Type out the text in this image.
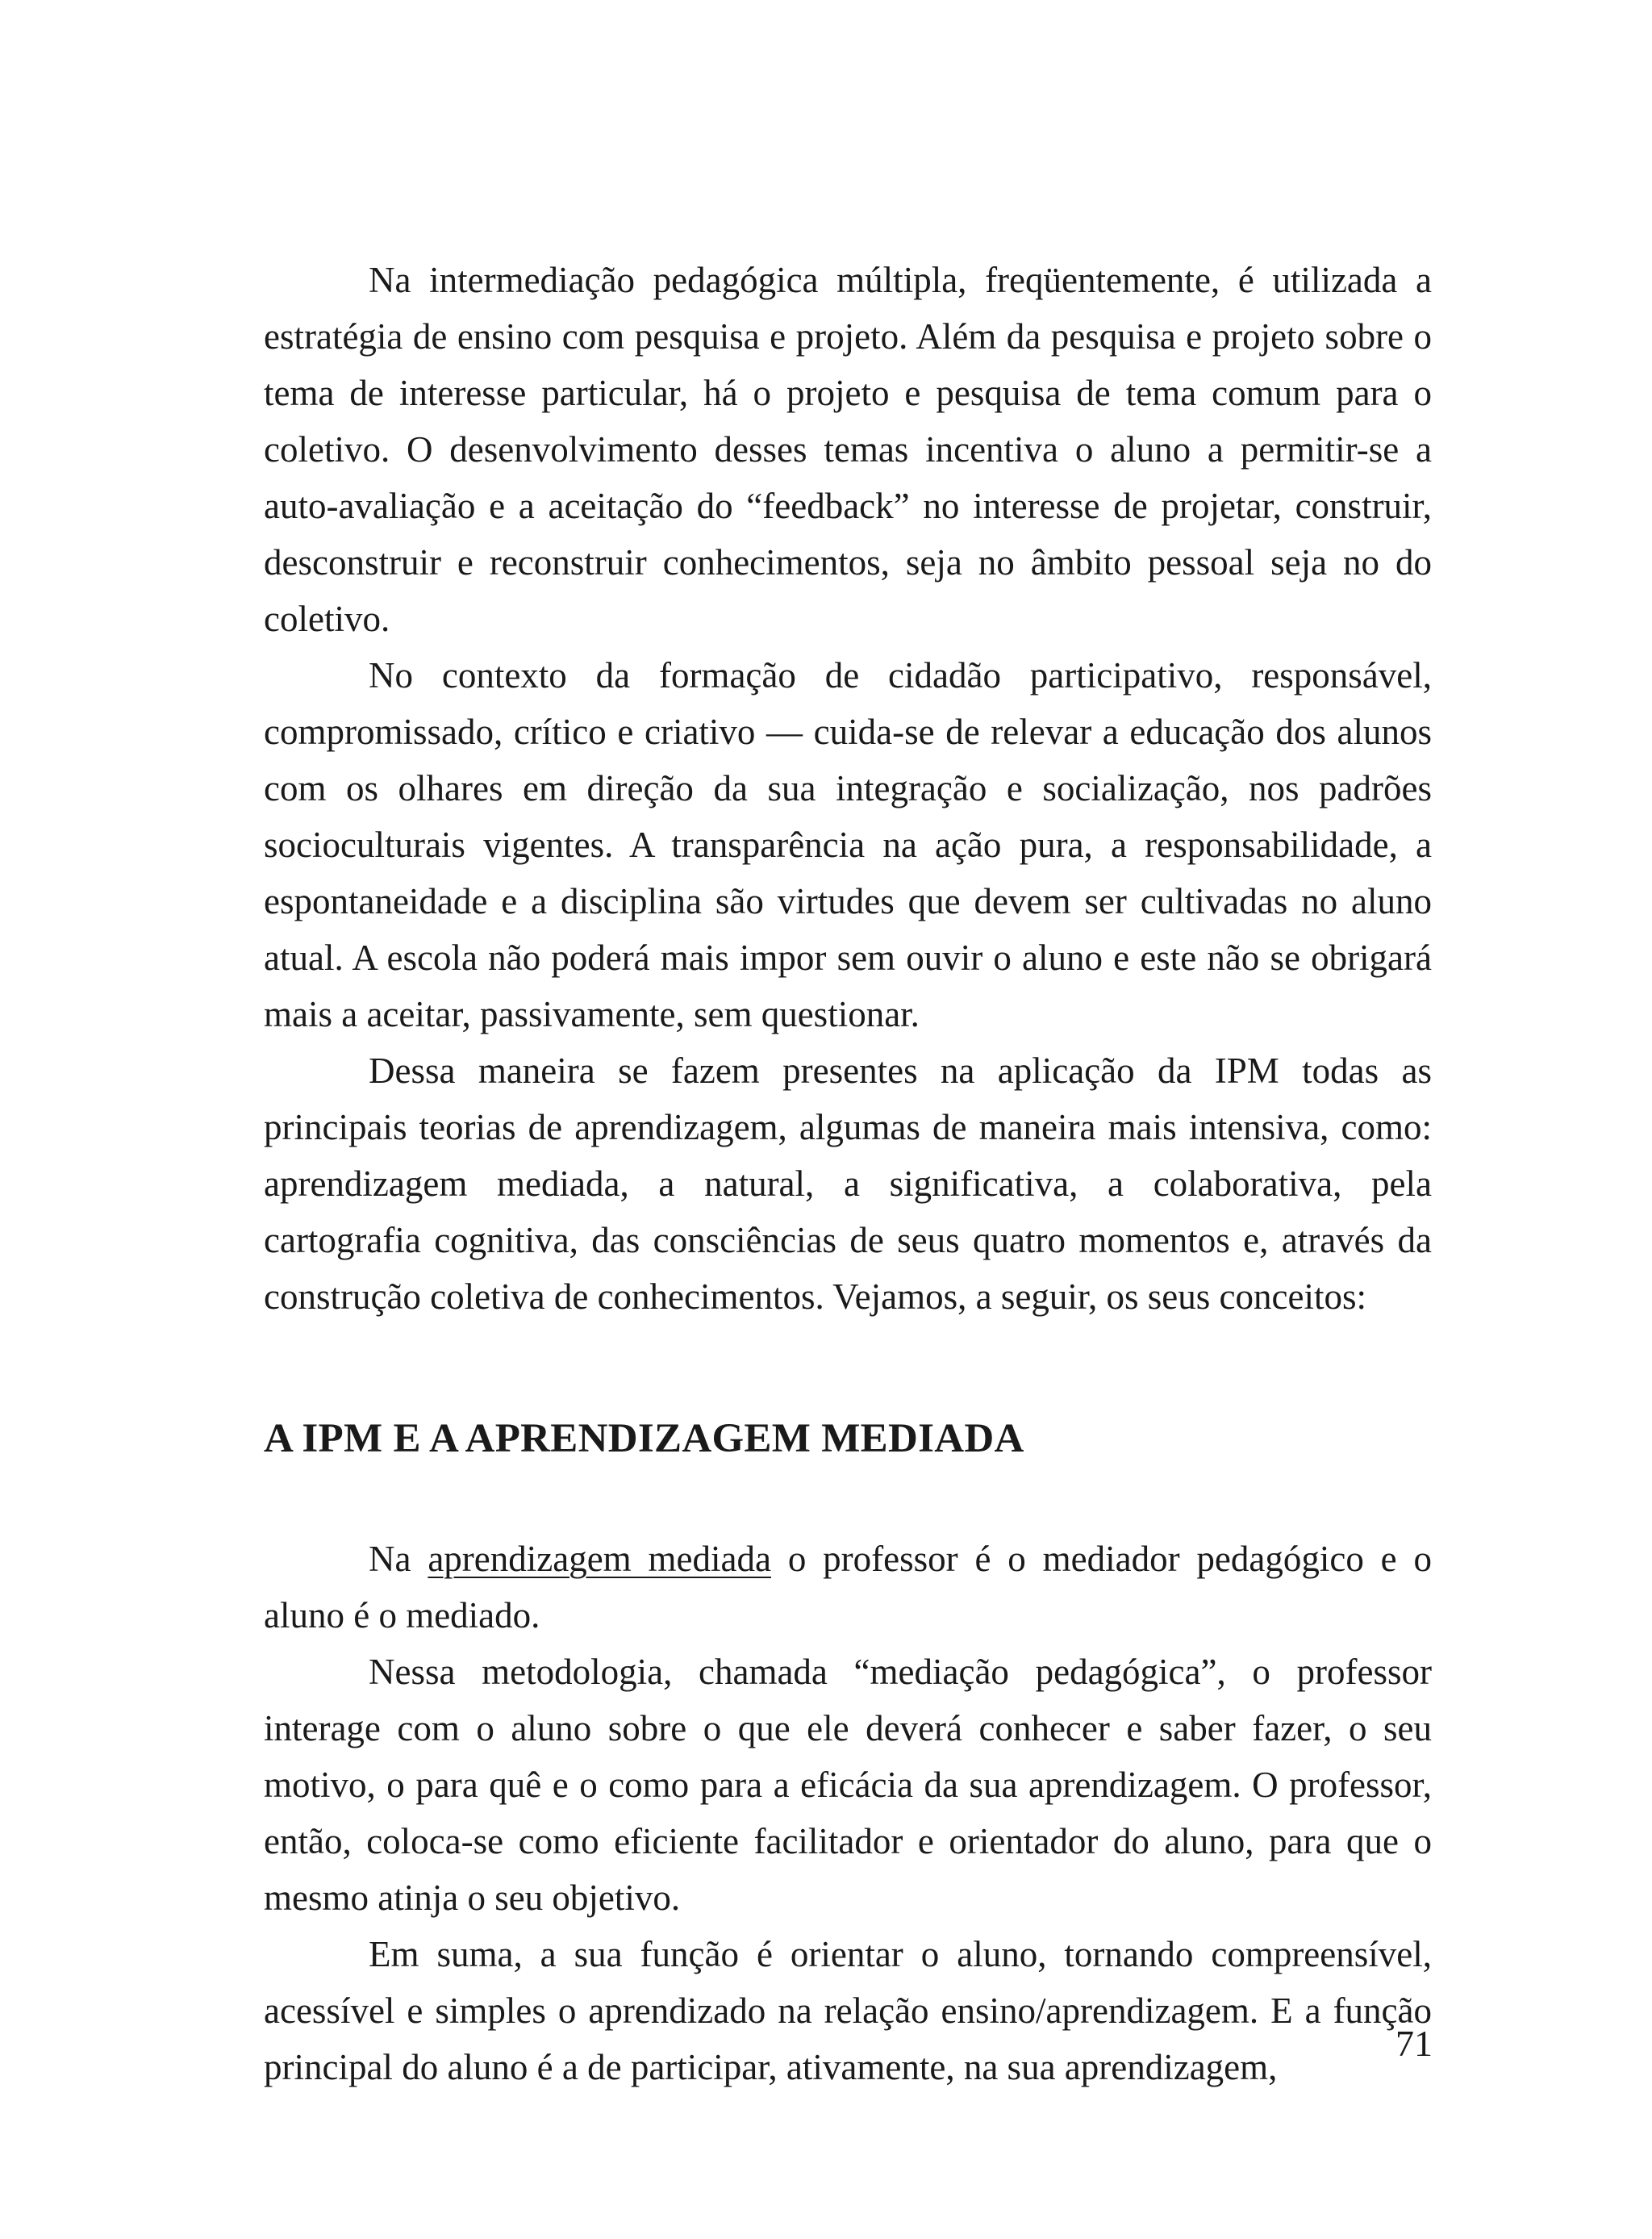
Na intermediação pedagógica múltipla, freqüentemente, é utilizada a estratégia de ensino com pesquisa e projeto. Além da pesquisa e projeto sobre o tema de interesse particular, há o projeto e pesquisa de tema comum para o coletivo. O desenvolvimento desses temas incentiva o aluno a permitir-se a auto-avaliação e a aceitação do “feedback” no interesse de projetar, construir, desconstruir e reconstruir conhecimentos, seja no âmbito pessoal seja no do coletivo.

No contexto da formação de cidadão participativo, responsável, compromissado, crítico e criativo — cuida-se de relevar a educação dos alunos com os olhares em direção da sua integração e socialização, nos padrões socioculturais vigentes. A transparência na ação pura, a responsabilidade, a espontaneidade e a disciplina são virtudes que devem ser cultivadas no aluno atual. A escola não poderá mais impor sem ouvir o aluno e este não se obrigará mais a aceitar, passivamente, sem questionar.

Dessa maneira se fazem presentes na aplicação da IPM todas as principais teorias de aprendizagem, algumas de maneira mais intensiva, como: aprendizagem mediada, a natural, a significativa, a colaborativa, pela cartografia cognitiva, das consciências de seus quatro momentos e, através da construção coletiva de conhecimentos. Vejamos, a seguir, os seus conceitos:

A IPM E A APRENDIZAGEM MEDIADA

Na aprendizagem mediada o professor é o mediador pedagógico e o aluno é o mediado.

Nessa metodologia, chamada “mediação pedagógica”, o professor interage com o aluno sobre o que ele deverá conhecer e saber fazer, o seu motivo, o para quê e o como para a eficácia da sua aprendizagem. O professor, então, coloca-se como eficiente facilitador e orientador do aluno, para que o mesmo atinja o seu objetivo.

Em suma, a sua função é orientar o aluno, tornando compreensível, acessível e simples o aprendizado na relação ensino/aprendizagem. E a função principal do aluno é a de participar, ativamente, na sua aprendizagem,

71
